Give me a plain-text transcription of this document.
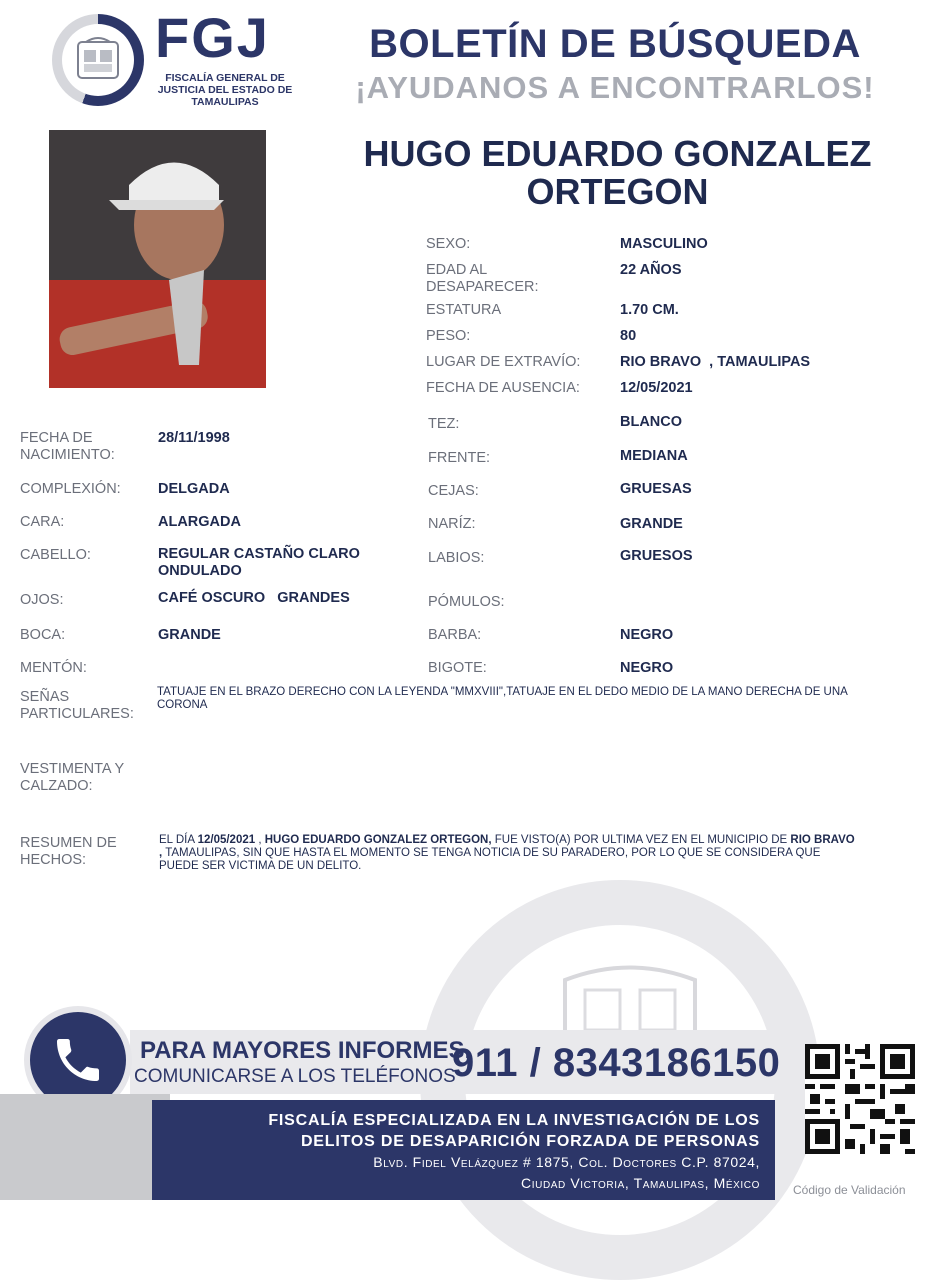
FGJ
FISCALÍA GENERAL DE JUSTICIA DEL ESTADO DE TAMAULIPAS
BOLETÍN DE BÚSQUEDA
¡AYUDANOS A ENCONTRARLOS!
HUGO EDUARDO GONZALEZ ORTEGON
SEXO:	MASCULINO
EDAD AL DESAPARECER:
22 AÑOS
ESTATURA	1.70 CM.
PESO:	80
LUGAR DE EXTRAVÍO:	RIO BRAVO  , TAMAULIPAS
FECHA DE AUSENCIA:	12/05/2021
FECHA DE NACIMIENTO:
28/11/1998
COMPLEXIÓN:	DELGADA
CARA:	ALARGADA
CABELLO:	REGULAR CASTAÑO CLARO ONDULADO
OJOS:	CAFÉ OSCURO   GRANDES
BOCA:	GRANDE
MENTÓN:
TEZ:	BLANCO
FRENTE:	MEDIANA
CEJAS:	GRUESAS
NARÍZ:	GRANDE
LABIOS:	GRUESOS
PÓMULOS:
BARBA:	NEGRO
BIGOTE:	NEGRO
SEÑAS PARTICULARES:
TATUAJE EN EL BRAZO DERECHO CON LA LEYENDA "MMXVIII",TATUAJE EN EL DEDO MEDIO DE LA MANO DERECHA DE UNA CORONA
VESTIMENTA Y CALZADO:
RESUMEN DE HECHOS:
EL DÍA 12/05/2021 , HUGO EDUARDO GONZALEZ ORTEGON, FUE VISTO(A) POR ULTIMA VEZ EN EL MUNICIPIO DE RIO BRAVO , TAMAULIPAS, SIN QUE HASTA EL MOMENTO SE TENGA NOTICIA DE SU PARADERO, POR LO QUE SE CONSIDERA QUE PUEDE SER VICTIMA DE UN DELITO.
PARA MAYORES INFORMES,
COMUNICARSE A LOS TELÉFONOS
911 / 8343186150
FISCALÍA ESPECIALIZADA EN LA INVESTIGACIÓN DE LOS
DELITOS DE DESAPARICIÓN FORZADA DE PERSONAS
Blvd. Fidel Velázquez # 1875, Col. Doctores C.P. 87024,
Ciudad Victoria, Tamaulipas, México	Código de Validación
